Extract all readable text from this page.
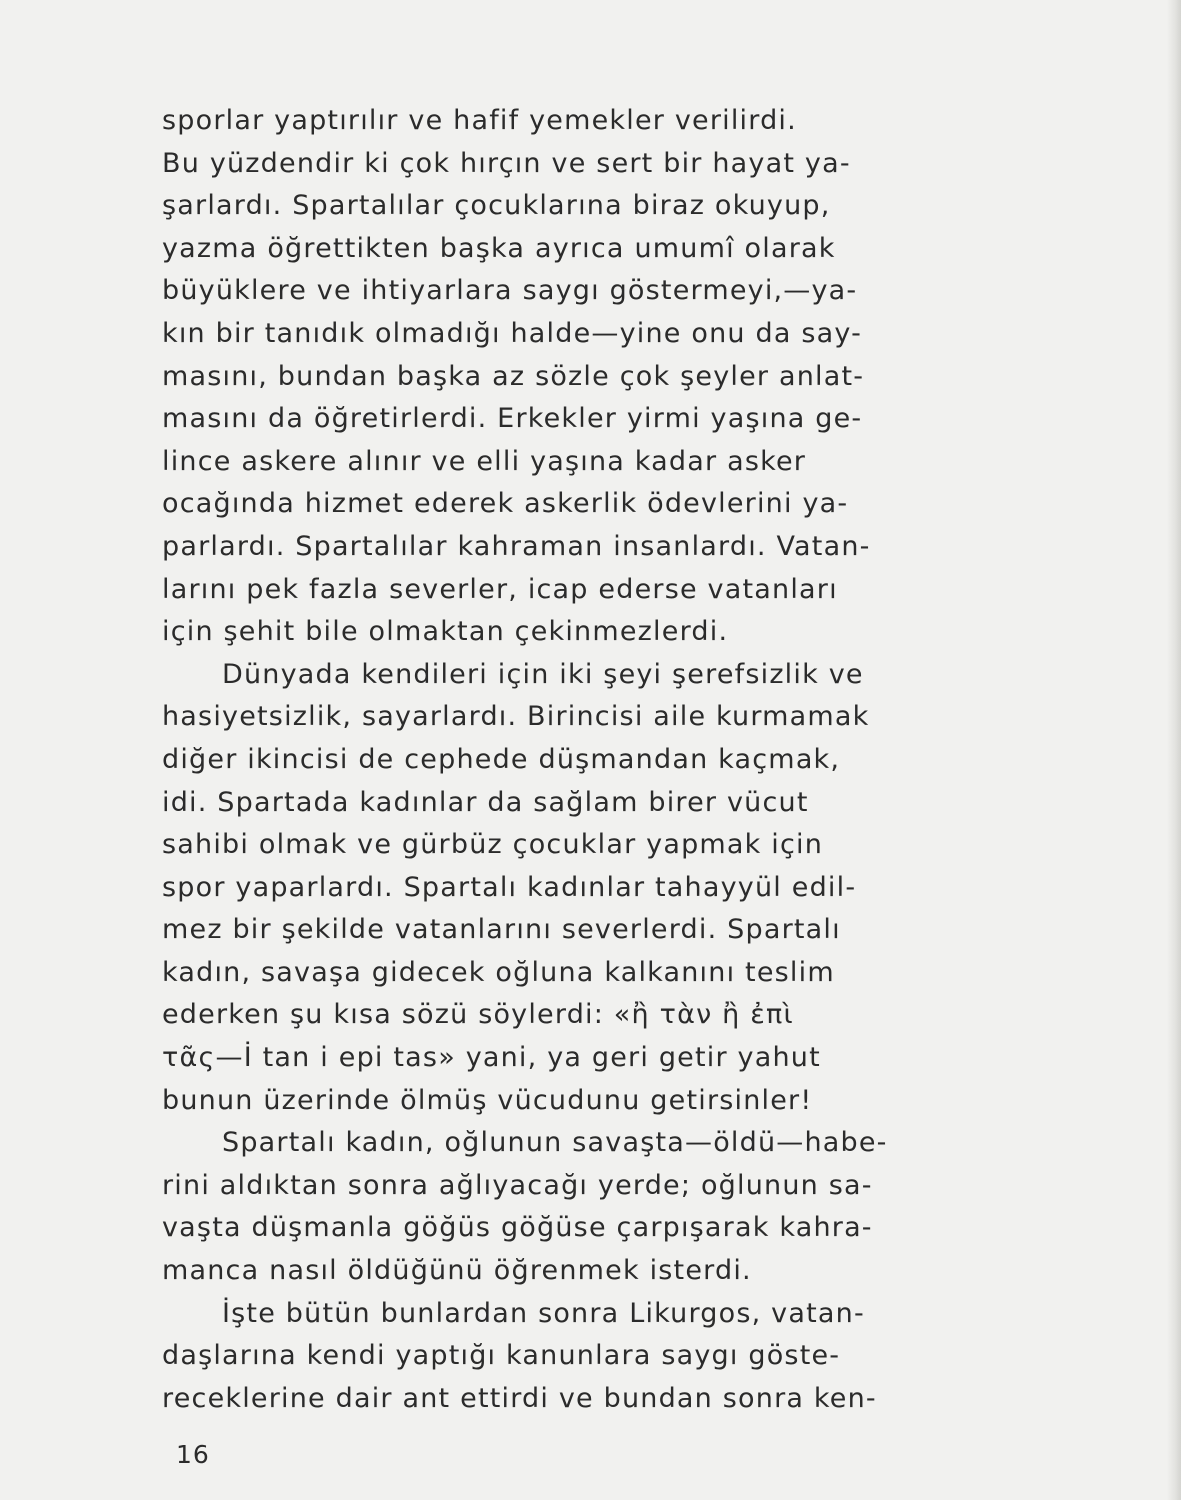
sporlar yaptırılır ve hafif yemekler verilirdi.
Bu yüzdendir ki çok hırçın ve sert bir hayat ya-
şarlardı. Spartalılar çocuklarına biraz okuyup,
yazma öğrettikten başka ayrıca umumî olarak
büyüklere ve ihtiyarlara saygı göstermeyi,—ya-
kın bir tanıdık olmadığı halde—yine onu da say-
masını, bundan başka az sözle çok şeyler anlat-
masını da öğretirlerdi. Erkekler yirmi yaşına ge-
lince askere alınır ve elli yaşına kadar asker
ocağında hizmet ederek askerlik ödevlerini ya-
parlardı. Spartalılar kahraman insanlardı. Vatan-
larını pek fazla severler, icap ederse vatanları
için şehit bile olmaktan çekinmezlerdi.
Dünyada kendileri için iki şeyi şerefsizlik ve
hasiyetsizlik, sayarlardı. Birincisi aile kurmamak
diğer ikincisi de cephede düşmandan kaçmak,
idi. Spartada kadınlar da sağlam birer vücut
sahibi olmak ve gürbüz çocuklar yapmak için
spor yaparlardı. Spartalı kadınlar tahayyül edil-
mez bir şekilde vatanlarını severlerdi. Spartalı
kadın, savaşa gidecek oğluna kalkanını teslim
ederken şu kısa sözü söylerdi: «ἢ τὰν ἢ ἐπὶ
τᾶς—İ tan i epi tas» yani, ya geri getir yahut
bunun üzerinde ölmüş vücudunu getirsinler!
Spartalı kadın, oğlunun savaşta—öldü—habe-
rini aldıktan sonra ağlıyacağı yerde; oğlunun sa-
vaşta düşmanla göğüs göğüse çarpışarak kahra-
manca nasıl öldüğünü öğrenmek isterdi.
İşte bütün bunlardan sonra Likurgos, vatan-
daşlarına kendi yaptığı kanunlara saygı göste-
receklerine dair ant ettirdi ve bundan sonra ken-
16
